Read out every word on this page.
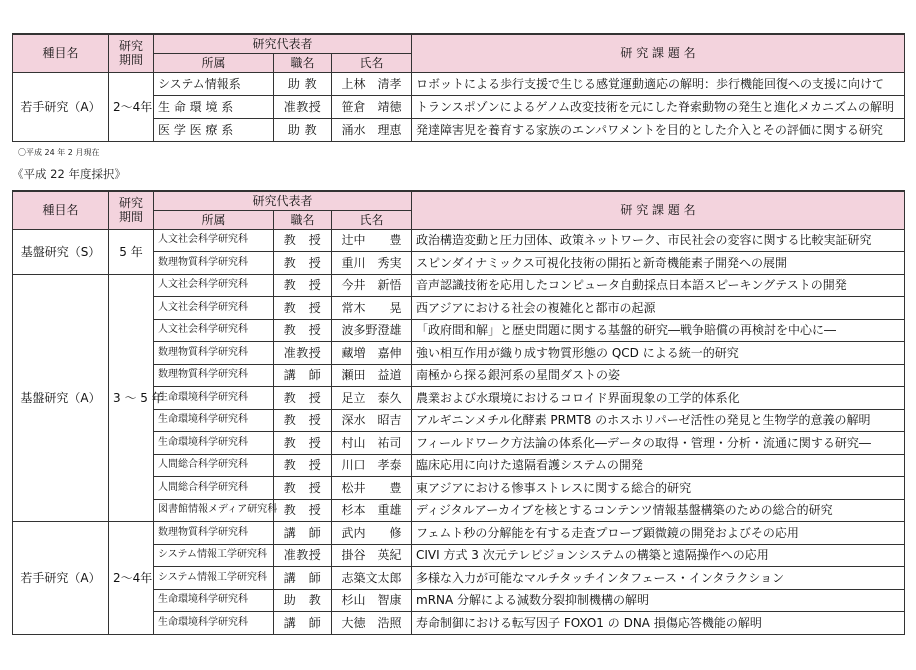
種目名	研究
期間	研究代表者			研 究 課 題 名
		所属	職名	氏名	
若手研究（A）	2～4年	システム情報系	助 教	上林　清孝	ロボットによる歩行支援で生じる感覚運動適応の解明：歩行機能回復への支援に向けて
		生 命 環 境 系	准教授	笹倉　靖徳	トランスポゾンによるゲノム改変技術を元にした脊索動物の発生と進化メカニズムの解明
		医 学 医 療 系	助 教	涌水　理恵	発達障害児を養育する家族のエンパワメントを目的とした介入とその評価に関する研究
〇平成 24 年 2 月現在
《平成 22 年度採択》
種目名	研究
期間	研究代表者			研 究 課 題 名
		所属	職名	氏名	
基盤研究（S）	5 年	人文社会科学研究科	教　授	辻中　　豊	政治構造変動と圧力団体、政策ネットワーク、市民社会の変容に関する比較実証研究
		数理物質科学研究科	教　授	重川　秀実	スピンダイナミックス可視化技術の開拓と新奇機能素子開発への展開
基盤研究（A）	3 ～ 5 年	人文社会科学研究科	教　授	今井　新悟	音声認識技術を応用したコンピュータ自動採点日本語スピーキングテストの開発
		人文社会科学研究科	教　授	常木　　晃	西アジアにおける社会の複雑化と都市の起源
		人文社会科学研究科	教　授	波多野澄雄	「政府間和解」と歴史問題に関する基盤的研究―戦争賠償の再検討を中心に―
		数理物質科学研究科	准教授	藏増　嘉伸	強い相互作用が織り成す物質形態の QCD による統一的研究
		数理物質科学研究科	講　師	瀬田　益道	南極から探る銀河系の星間ダストの姿
		生命環境科学研究科	教　授	足立　泰久	農業および水環境におけるコロイド界面現象の工学的体系化
		生命環境科学研究科	教　授	深水　昭吉	アルギニンメチル化酵素 PRMT8 のホスホリパーゼ活性の発見と生物学的意義の解明
		生命環境科学研究科	教　授	村山　祐司	フィールドワーク方法論の体系化―データの取得・管理・分析・流通に関する研究―
		人間総合科学研究科	教　授	川口　孝泰	臨床応用に向けた遠隔看護システムの開発
		人間総合科学研究科	教　授	松井　　豊	東アジアにおける惨事ストレスに関する総合的研究
		図書館情報メディア研究科	教　授	杉本　重雄	ディジタルアーカイブを核とするコンテンツ情報基盤構築のための総合的研究
若手研究（A）	2～4年	数理物質科学研究科	講　師	武内　　修	フェムト秒の分解能を有する走査プローブ顕微鏡の開発およびその応用
		システム情報工学研究科	准教授	掛谷　英紀	CIVI 方式 3 次元テレビジョンシステムの構築と遠隔操作への応用
		システム情報工学研究科	講　師	志築文太郎	多様な入力が可能なマルチタッチインタフェース・インタラクション
		生命環境科学研究科	助　教	杉山　智康	mRNA 分解による減数分裂抑制機構の解明
		生命環境科学研究科	講　師	大徳　浩照	寿命制御における転写因子 FOXO1 の DNA 損傷応答機能の解明
